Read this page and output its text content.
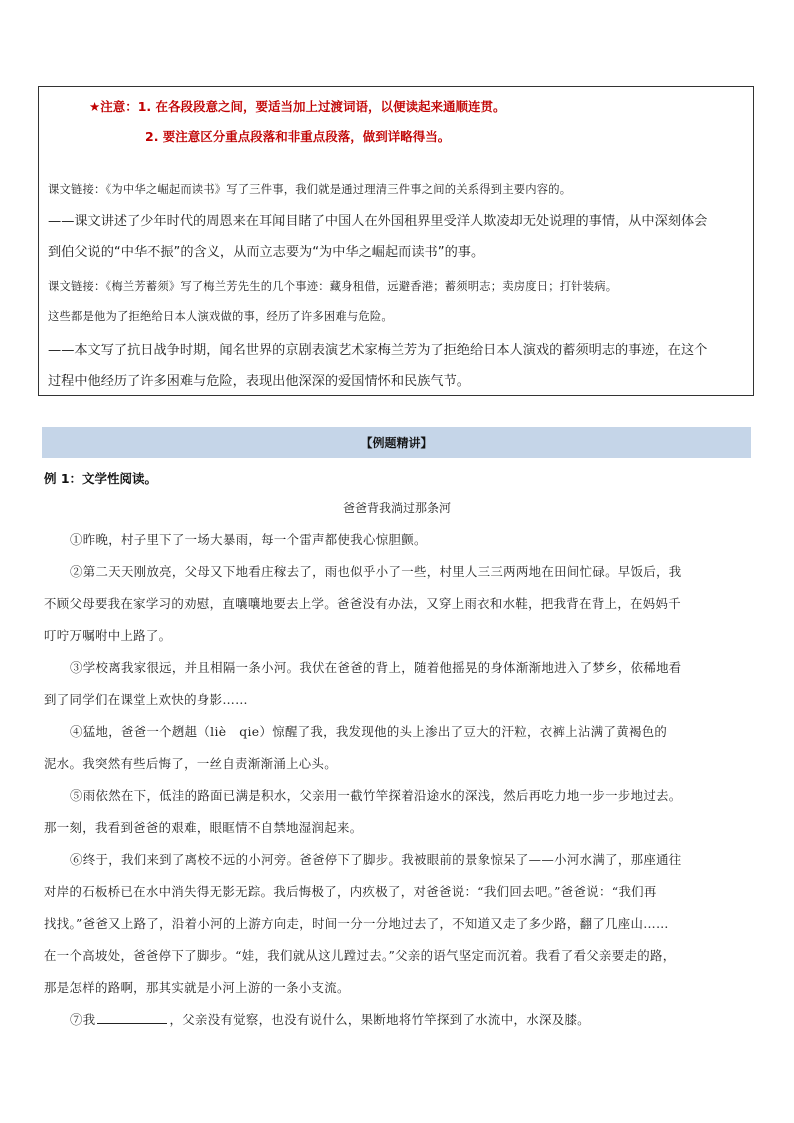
★注意：1. 在各段段意之间，要适当加上过渡词语，以便读起来通顺连贯。
2. 要注意区分重点段落和非重点段落，做到详略得当。
课文链接：《为中华之崛起而读书》写了三件事，我们就是通过理清三件事之间的关系得到主要内容的。
——课文讲述了少年时代的周恩来在耳闻目睹了中国人在外国租界里受洋人欺凌却无处说理的事情，从中深刻体会
到伯父说的“中华不振”的含义，从而立志要为“为中华之崛起而读书”的事。
课文链接：《梅兰芳蓄须》写了梅兰芳先生的几个事迹：藏身租借，远避香港；蓄须明志；卖房度日；打针装病。
这些都是他为了拒绝给日本人演戏做的事，经历了许多困难与危险。
——本文写了抗日战争时期，闻名世界的京剧表演艺术家梅兰芳为了拒绝给日本人演戏的蓄须明志的事迹，在这个
过程中他经历了许多困难与危险，表现出他深深的爱国情怀和民族气节。
【例题精讲】
例 1：文学性阅读。
爸爸背我淌过那条河
①昨晚，村子里下了一场大暴雨，每一个雷声都使我心惊胆颤。
②第二天天刚放亮，父母又下地看庄稼去了，雨也似乎小了一些，村里人三三两两地在田间忙碌。早饭后，我
不顾父母要我在家学习的劝慰，直嚷嚷地要去上学。爸爸没有办法，又穿上雨衣和水鞋，把我背在背上，在妈妈千
叮咛万嘱咐中上路了。
③学校离我家很远，并且相隔一条小河。我伏在爸爸的背上，随着他摇晃的身体渐渐地进入了梦乡，依稀地看
到了同学们在课堂上欢快的身影……
④猛地，爸爸一个趔趄（liè　qie）惊醒了我，我发现他的头上渗出了豆大的汗粒，衣裤上沾满了黄褐色的
泥水。我突然有些后悔了，一丝自责渐渐涌上心头。
⑤雨依然在下，低洼的路面已满是积水，父亲用一截竹竿探着沿途水的深浅，然后再吃力地一步一步地过去。
那一刻，我看到爸爸的艰难，眼眶情不自禁地湿润起来。
⑥终于，我们来到了离校不远的小河旁。爸爸停下了脚步。我被眼前的景象惊呆了——小河水满了，那座通往
对岸的石板桥已在水中消失得无影无踪。我后悔极了，内疚极了，对爸爸说：“我们回去吧。”爸爸说：“我们再
找找。”爸爸又上路了，沿着小河的上游方向走，时间一分一分地过去了，不知道又走了多少路，翻了几座山……
在一个高坡处，爸爸停下了脚步。“娃，我们就从这儿蹚过去。”父亲的语气坚定而沉着。我看了看父亲要走的路，
那是怎样的路啊，那其实就是小河上游的一条小支流。
⑦我	，父亲没有觉察，也没有说什么，果断地将竹竿探到了水流中，水深及膝。
